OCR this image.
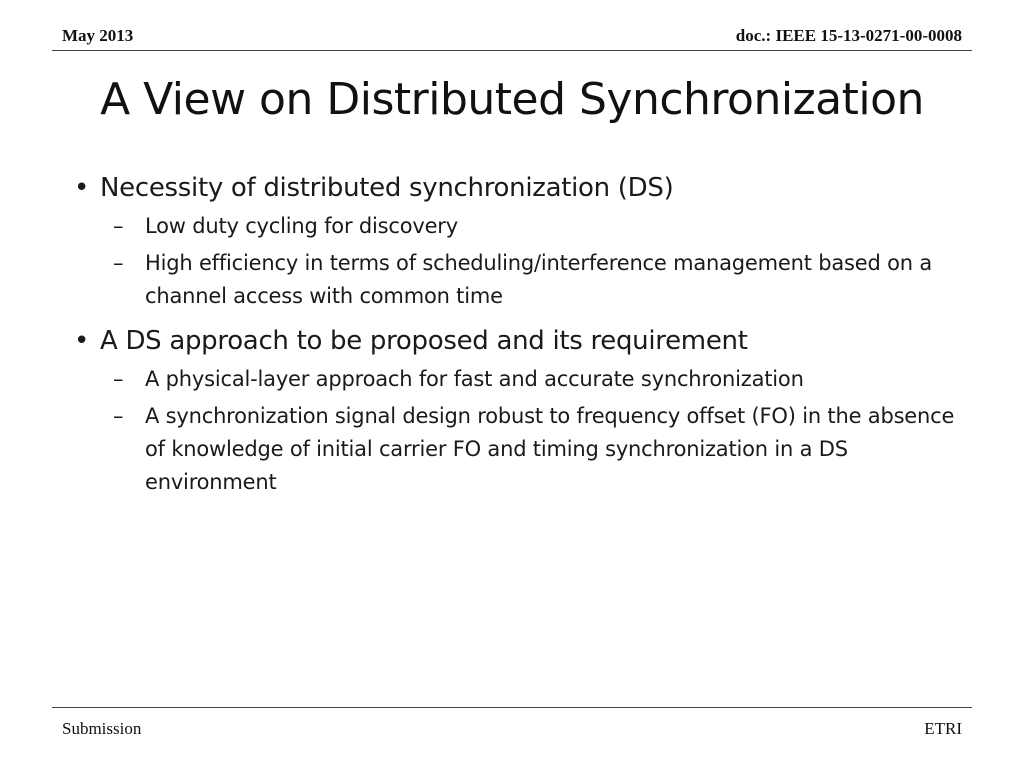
May 2013	doc.: IEEE 15-13-0271-00-0008
A View on Distributed Synchronization
• Necessity of distributed synchronization (DS)
– Low duty cycling for discovery
– High efficiency in terms of scheduling/interference management based on a channel access with common time
• A DS approach to be proposed and its requirement
– A physical-layer approach for fast and accurate synchronization
– A synchronization signal design robust to frequency offset (FO) in the absence of knowledge of initial carrier FO and timing synchronization in a DS environment
Submission	ETRI
